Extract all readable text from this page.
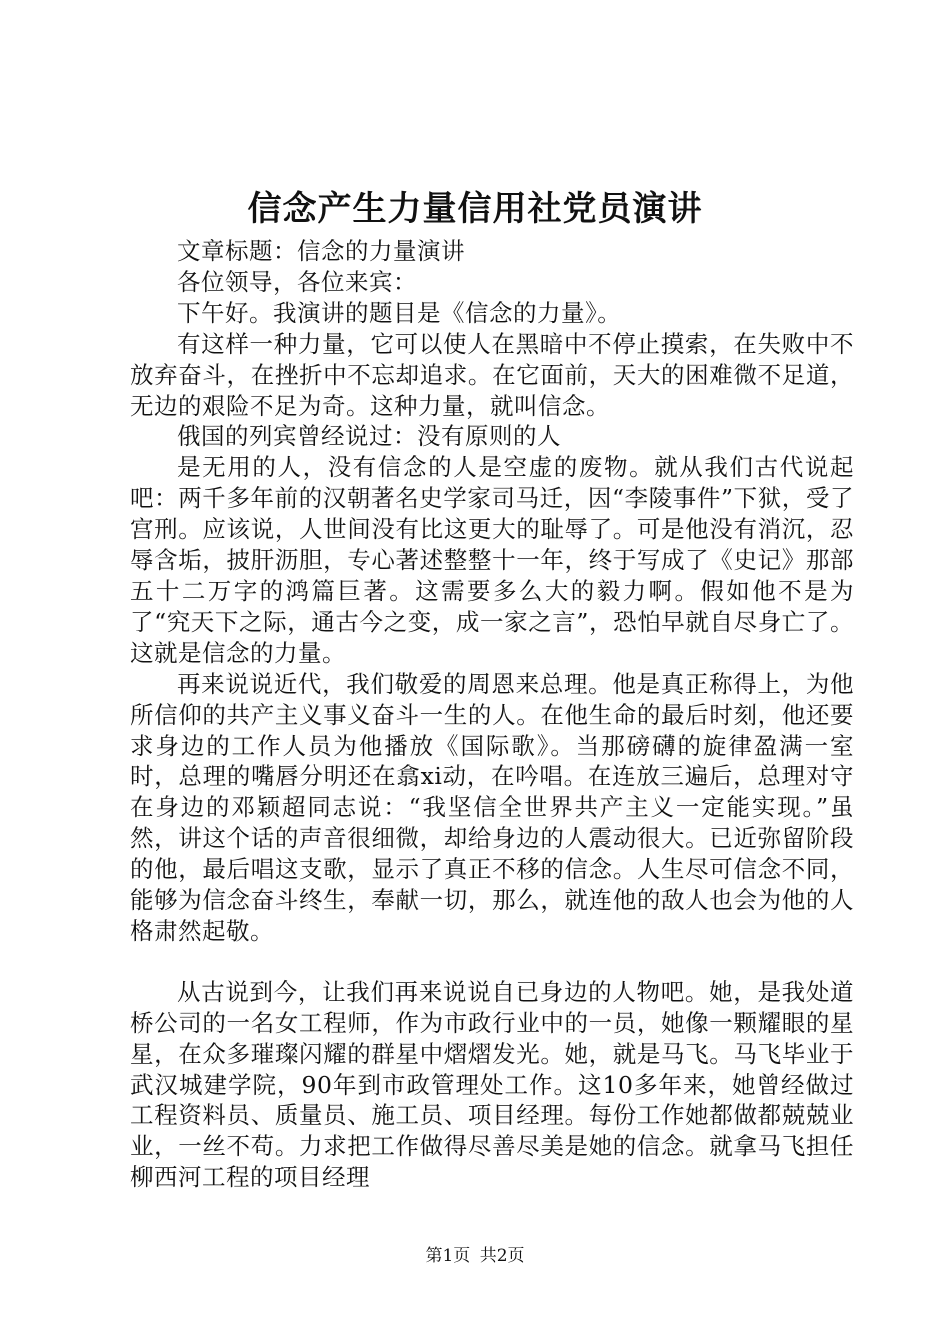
信念产生力量信用社党员演讲

文章标题：信念的力量演讲

各位领导，各位来宾：

下午好。我演讲的题目是《信念的力量》。

有这样一种力量，它可以使人在黑暗中不停止摸索，在失败中不放弃奋斗，在挫折中不忘却追求。在它面前，天大的困难微不足道，无边的艰险不足为奇。这种力量，就叫信念。

俄国的列宾曾经说过：没有原则的人

是无用的人，没有信念的人是空虚的废物。就从我们古代说起吧：两千多年前的汉朝著名史学家司马迁，因“李陵事件”下狱，受了宫刑。应该说，人世间没有比这更大的耻辱了。可是他没有消沉，忍辱含垢，披肝沥胆，专心著述整整十一年，终于写成了《史记》那部五十二万字的鸿篇巨著。这需要多么大的毅力啊。假如他不是为了“究天下之际，通古今之变，成一家之言”，恐怕早就自尽身亡了。这就是信念的力量。

再来说说近代，我们敬爱的周恩来总理。他是真正称得上，为他所信仰的共产主义事义奋斗一生的人。在他生命的最后时刻，他还要求身边的工作人员为他播放《国际歌》。当那磅礴的旋律盈满一室时，总理的嘴唇分明还在翕xi动，在吟唱。在连放三遍后，总理对守在身边的邓颖超同志说：“我坚信全世界共产主义一定能实现。”虽然，讲这个话的声音很细微，却给身边的人震动很大。已近弥留阶段的他，最后唱这支歌，显示了真正不移的信念。人生尽可信念不同，能够为信念奋斗终生，奉献一切，那么，就连他的敌人也会为他的人格肃然起敬。

从古说到今，让我们再来说说自已身边的人物吧。她，是我处道桥公司的一名女工程师，作为市政行业中的一员，她像一颗耀眼的星星，在众多璀璨闪耀的群星中熠熠发光。她，就是马飞。马飞毕业于武汉城建学院，90年到市政管理处工作。这10多年来，她曾经做过工程资料员、质量员、施工员、项目经理。每份工作她都做都兢兢业业，一丝不苟。力求把工作做得尽善尽美是她的信念。就拿马飞担任柳西河工程的项目经理

第1页 共2页
